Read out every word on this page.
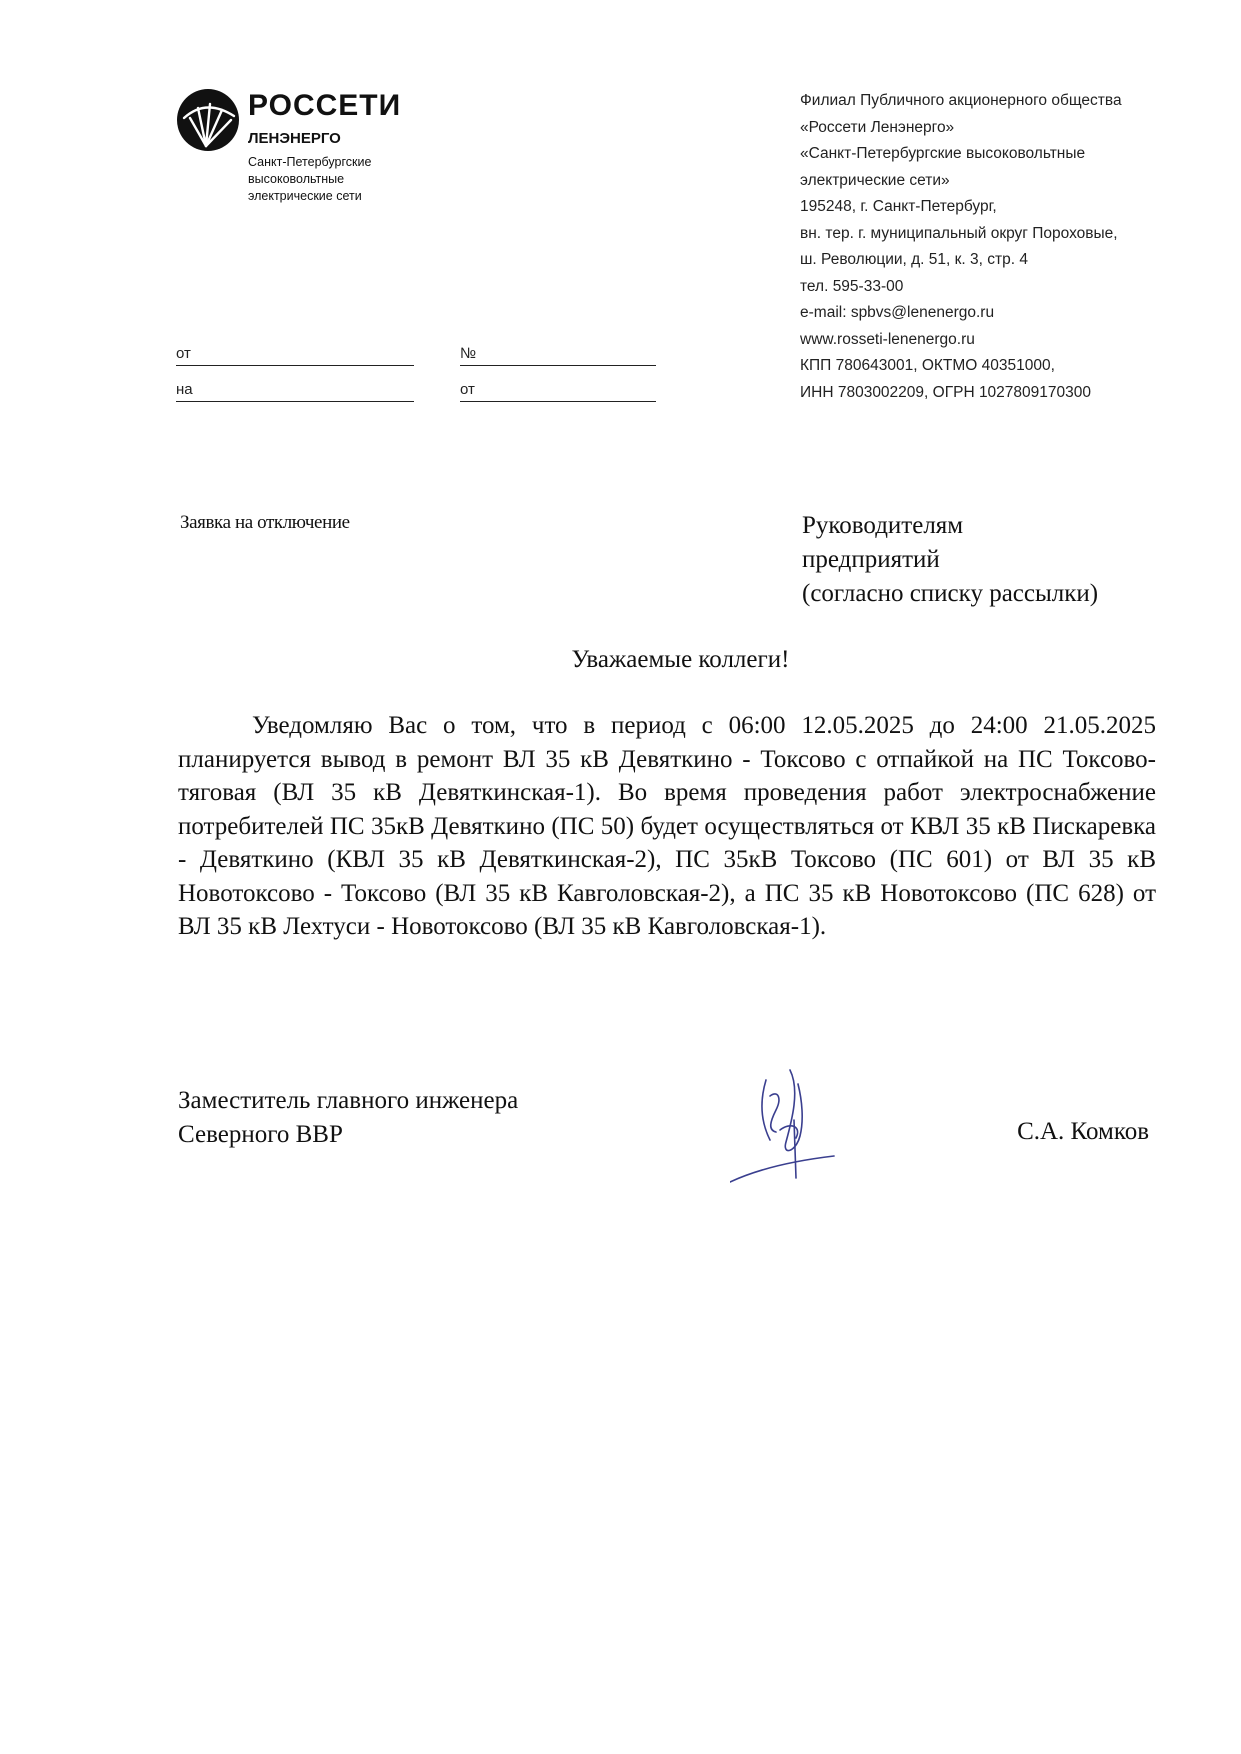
РОССЕТИ
ЛЕНЭНЕРГО
Санкт-Петербургские
высоковольтные
электрические сети
Филиал Публичного акционерного общества
«Россети Ленэнерго»
«Санкт-Петербургские высоковольтные
электрические сети»
195248, г. Санкт-Петербург,
вн. тер. г. муниципальный округ Пороховые,
ш. Революции, д. 51, к. 3, стр. 4
тел. 595-33-00
e-mail: spbvs@lenenergo.ru
www.rosseti-lenenergo.ru
КПП 780643001, ОКТМО 40351000,
ИНН 7803002209, ОГРН 1027809170300
от
на
№
от
Заявка на отключение	Руководителям
предприятий
(согласно списку рассылки)
Уважаемые коллеги!
Уведомляю Вас о том, что в период с 06:00 12.05.2025 до 24:00 21.05.2025 планируется вывод в ремонт ВЛ 35 кВ Девяткино - Токсово с отпайкой на ПС Токсово-тяговая (ВЛ 35 кВ Девяткинская-1). Во время проведения работ электроснабжение потребителей ПС 35кВ Девяткино (ПС 50) будет осуществляться от КВЛ 35 кВ Пискаревка - Девяткино (КВЛ 35 кВ Девяткинская-2), ПС 35кВ Токсово (ПС 601) от ВЛ 35 кВ Новотоксово - Токсово (ВЛ 35 кВ Кавголовская-2), а ПС 35 кВ Новотоксово (ПС 628) от ВЛ 35 кВ Лехтуси - Новотоксово (ВЛ 35 кВ Кавголовская-1).
Заместитель главного инженера
Северного ВВР	С.А. Комков
